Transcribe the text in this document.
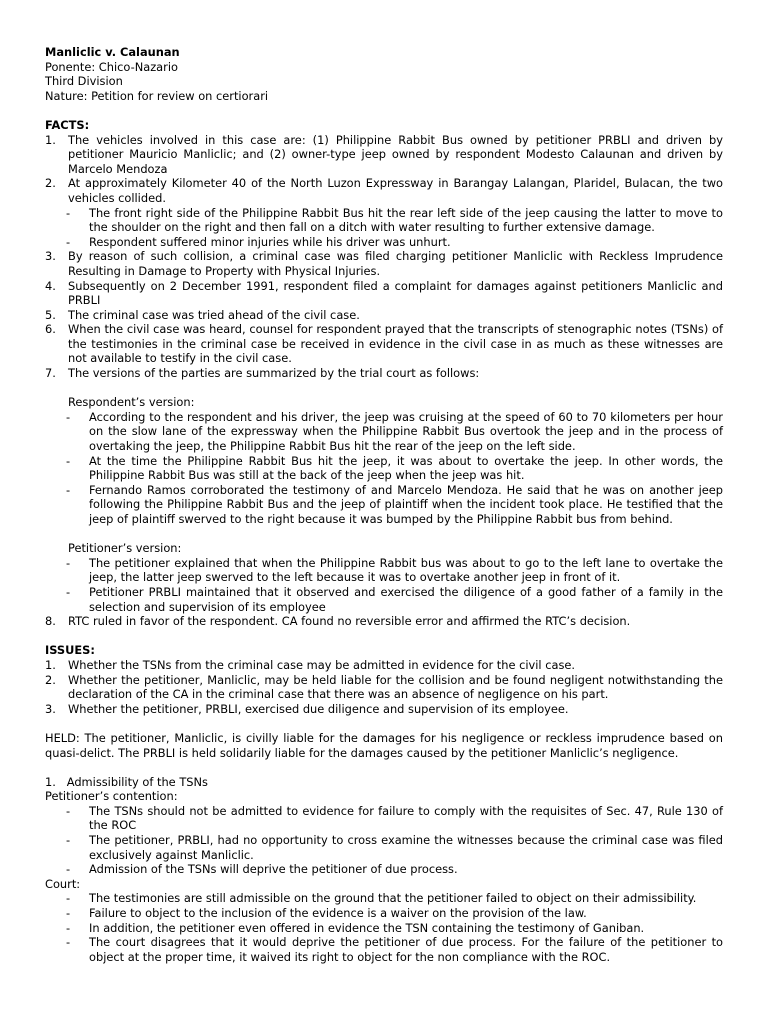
Manliclic v. Calaunan
Ponente: Chico-Nazario
Third Division
Nature: Petition for review on certiorari
FACTS:
1.	The vehicles involved in this case are: (1) Philippine Rabbit Bus owned by petitioner PRBLI and driven by petitioner Mauricio Manliclic; and (2) owner-type jeep owned by respondent Modesto Calaunan and driven by Marcelo Mendoza
2.	At approximately Kilometer 40 of the North Luzon Expressway in Barangay Lalangan, Plaridel, Bulacan, the two vehicles collided.
-	The front right side of the Philippine Rabbit Bus hit the rear left side of the jeep causing the latter to move to the shoulder on the right and then fall on a ditch with water resulting to further extensive damage.
-	Respondent suffered minor injuries while his driver was unhurt.
3.	By reason of such collision, a criminal case was filed charging petitioner Manliclic with Reckless Imprudence Resulting in Damage to Property with Physical Injuries.
4.	Subsequently on 2 December 1991, respondent filed a complaint for damages against petitioners Manliclic and PRBLI
5.	The criminal case was tried ahead of the civil case.
6.	When the civil case was heard, counsel for respondent prayed that the transcripts of stenographic notes (TSNs) of the testimonies in the criminal case be received in evidence in the civil case in as much as these witnesses are not available to testify in the civil case.
7.	The versions of the parties are summarized by the trial court as follows:
Respondent’s version:
-	According to the respondent and his driver, the jeep was cruising at the speed of 60 to 70 kilometers per hour on the slow lane of the expressway when the Philippine Rabbit Bus overtook the jeep and in the process of overtaking the jeep, the Philippine Rabbit Bus hit the rear of the jeep on the left side.
-	At the time the Philippine Rabbit Bus hit the jeep, it was about to overtake the jeep. In other words, the Philippine Rabbit Bus was still at the back of the jeep when the jeep was hit.
-	Fernando Ramos corroborated the testimony of and Marcelo Mendoza. He said that he was on another jeep following the Philippine Rabbit Bus and the jeep of plaintiff when the incident took place. He testified that the jeep of plaintiff swerved to the right because it was bumped by the Philippine Rabbit bus from behind.
Petitioner’s version:
-	The petitioner explained that when the Philippine Rabbit bus was about to go to the left lane to overtake the jeep, the latter jeep swerved to the left because it was to overtake another jeep in front of it.
-	Petitioner PRBLI maintained that it observed and exercised the diligence of a good father of a family in the selection and supervision of its employee
8.	RTC ruled in favor of the respondent. CA found no reversible error and affirmed the RTC’s decision.
ISSUES:
1.	Whether the TSNs from the criminal case may be admitted in evidence for the civil case.
2.	Whether the petitioner, Manliclic, may be held liable for the collision and be found negligent notwithstanding the declaration of the CA in the criminal case that there was an absence of negligence on his part.
3.	Whether the petitioner, PRBLI, exercised due diligence and supervision of its employee.
HELD: The petitioner, Manliclic, is civilly liable for the damages for his negligence or reckless imprudence based on quasi-delict. The PRBLI is held solidarily liable for the damages caused by the petitioner Manliclic’s negligence.
1.   Admissibility of the TSNs
Petitioner’s contention:
-	The TSNs should not be admitted to evidence for failure to comply with the requisites of Sec. 47, Rule 130 of the ROC
-	The petitioner, PRBLI, had no opportunity to cross examine the witnesses because the criminal case was filed exclusively against Manliclic.
-	Admission of the TSNs will deprive the petitioner of due process.
Court:
-	The testimonies are still admissible on the ground that the petitioner failed to object on their admissibility.
-	Failure to object to the inclusion of the evidence is a waiver on the provision of the law.
-	In addition, the petitioner even offered in evidence the TSN containing the testimony of Ganiban.
-	The court disagrees that it would deprive the petitioner of due process. For the failure of the petitioner to object at the proper time, it waived its right to object for the non compliance with the ROC.
